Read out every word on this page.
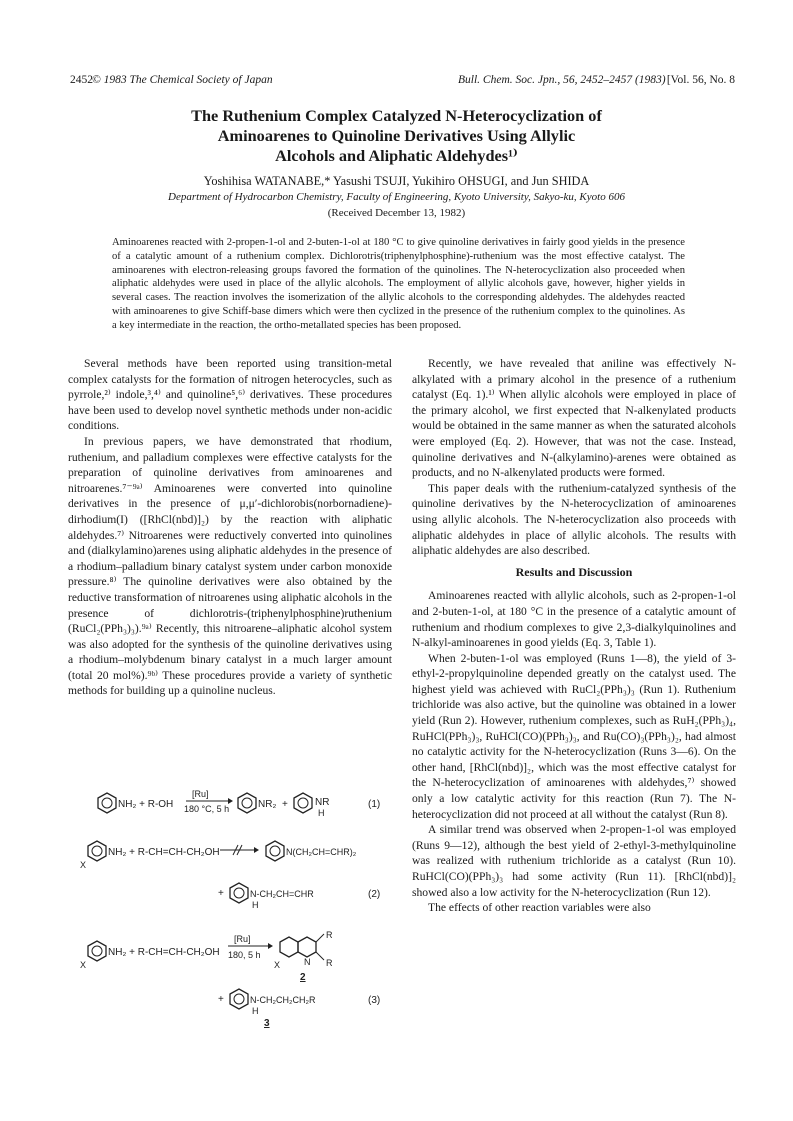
2452 © 1983 The Chemical Society of Japan	Bull. Chem. Soc. Jpn., 56, 2452–2457 (1983) [Vol. 56, No. 8
The Ruthenium Complex Catalyzed N-Heterocyclization of
Aminoarenes to Quinoline Derivatives Using Allylic
Alcohols and Aliphatic Aldehydes¹⁾
Yoshihisa WATANABE,* Yasushi TSUJI, Yukihiro OHSUGI, and Jun SHIDA
Department of Hydrocarbon Chemistry, Faculty of Engineering, Kyoto University, Sakyo-ku, Kyoto 606
(Received December 13, 1982)
Aminoarenes reacted with 2-propen-1-ol and 2-buten-1-ol at 180 °C to give quinoline derivatives in fairly good yields in the presence of a catalytic amount of a ruthenium complex. Dichlorotris(triphenylphosphine)-ruthenium was the most effective catalyst. The aminoarenes with electron-releasing groups favored the formation of the quinolines. The N-heterocyclization also proceeded when aliphatic aldehydes were used in place of the allylic alcohols. The employment of allylic alcohols gave, however, higher yields in several cases. The reaction involves the isomerization of the allylic alcohols to the corresponding aldehydes. The aldehydes reacted with aminoarenes to give Schiff-base dimers which were then cyclized in the presence of the ruthenium complex to the quinolines. As a key intermediate in the reaction, the ortho-metallated species has been proposed.

Several methods have been reported using transition-metal complex catalysts for the formation of nitrogen heterocycles, such as pyrrole,²⁾ indole,³,⁴⁾ and quinoline⁵,⁶⁾ derivatives. These procedures have been used to develop novel synthetic methods under non-acidic conditions.

In previous papers, we have demonstrated that rhodium, ruthenium, and palladium complexes were effective catalysts for the preparation of quinoline derivatives from aminoarenes and nitroarenes.⁷⁻⁹ᵃ⁾ Aminoarenes were converted into quinoline derivatives in the presence of μ,μ′-dichlorobis(norbornadiene)-dirhodium(I) ([RhCl(nbd)]₂) by the reaction with aliphatic aldehydes.⁷⁾ Nitroarenes were reductively converted into quinolines and (dialkylamino)arenes using aliphatic aldehydes in the presence of a rhodium–palladium binary catalyst system under carbon monoxide pressure.⁸⁾ The quinoline derivatives were also obtained by the reductive transformation of nitroarenes using aliphatic alcohols in the presence of dichlorotris-(triphenylphosphine)ruthenium (RuCl₂(PPh₃)₃).⁹ᵃ⁾ Recently, this nitroarene–aliphatic alcohol system was also adopted for the synthesis of the quinoline derivatives using a rhodium–molybdenum binary catalyst in a much larger amount (total 20 mol%).⁹ᵇ⁾ These procedures provide a variety of synthetic methods for building up a quinoline nucleus.

NH₂ + R-OH
[Ru]
180 °C, 5 h	NR₂ +	NR
H
(1)
X
NH₂ + R-CH=CH-CH₂OH	N(CH₂CH=CHR)₂
+	N-CH₂CH=CHR
H
(2)
X
NH₂ + R-CH=CH-CH₂OH
[Ru]
180, 5 h
R
R
N
X
2
+	N-CH₂CH₂CH₂R
H
3
(3)

Recently, we have revealed that aniline was effectively N-alkylated with a primary alcohol in the presence of a ruthenium catalyst (Eq. 1).¹⁾ When allylic alcohols were employed in place of the primary alcohol, we first expected that N-alkenylated products would be obtained in the same manner as when the saturated alcohols were employed (Eq. 2). However, that was not the case. Instead, quinoline derivatives and N-(alkylamino)-arenes were obtained as products, and no N-alkenylated products were formed.

This paper deals with the ruthenium-catalyzed synthesis of the quinoline derivatives by the N-heterocyclization of aminoarenes using allylic alcohols. The N-heterocyclization also proceeds with aliphatic aldehydes in place of allylic alcohols. The results with aliphatic aldehydes are also described.

Results and Discussion

Aminoarenes reacted with allylic alcohols, such as 2-propen-1-ol and 2-buten-1-ol, at 180 °C in the presence of a catalytic amount of ruthenium and rhodium complexes to give 2,3-dialkylquinolines and N-alkyl-aminoarenes in good yields (Eq. 3, Table 1).

When 2-buten-1-ol was employed (Runs 1—8), the yield of 3-ethyl-2-propylquinoline depended greatly on the catalyst used. The highest yield was achieved with RuCl₂(PPh₃)₃ (Run 1). Ruthenium trichloride was also active, but the quinoline was obtained in a lower yield (Run 2). However, ruthenium complexes, such as RuH₂(PPh₃)₄, RuHCl(PPh₃)₃, RuHCl(CO)(PPh₃)₃, and Ru(CO)₃(PPh₃)₂, had almost no catalytic activity for the N-heterocyclization (Runs 3—6). On the other hand, [RhCl(nbd)]₂, which was the most effective catalyst for the N-heterocyclization of aminoarenes with aldehydes,⁷⁾ showed only a low catalytic activity for this reaction (Run 7). The N-heterocyclization did not proceed at all without the catalyst (Run 8).

A similar trend was observed when 2-propen-1-ol was employed (Runs 9—12), although the best yield of 2-ethyl-3-methylquinoline was realized with ruthenium trichloride as a catalyst (Run 10). RuHCl(CO)(PPh₃)₃ had some activity (Run 11). [RhCl(nbd)]₂ showed also a low activity for the N-heterocyclization (Run 12).

The effects of other reaction variables were also
